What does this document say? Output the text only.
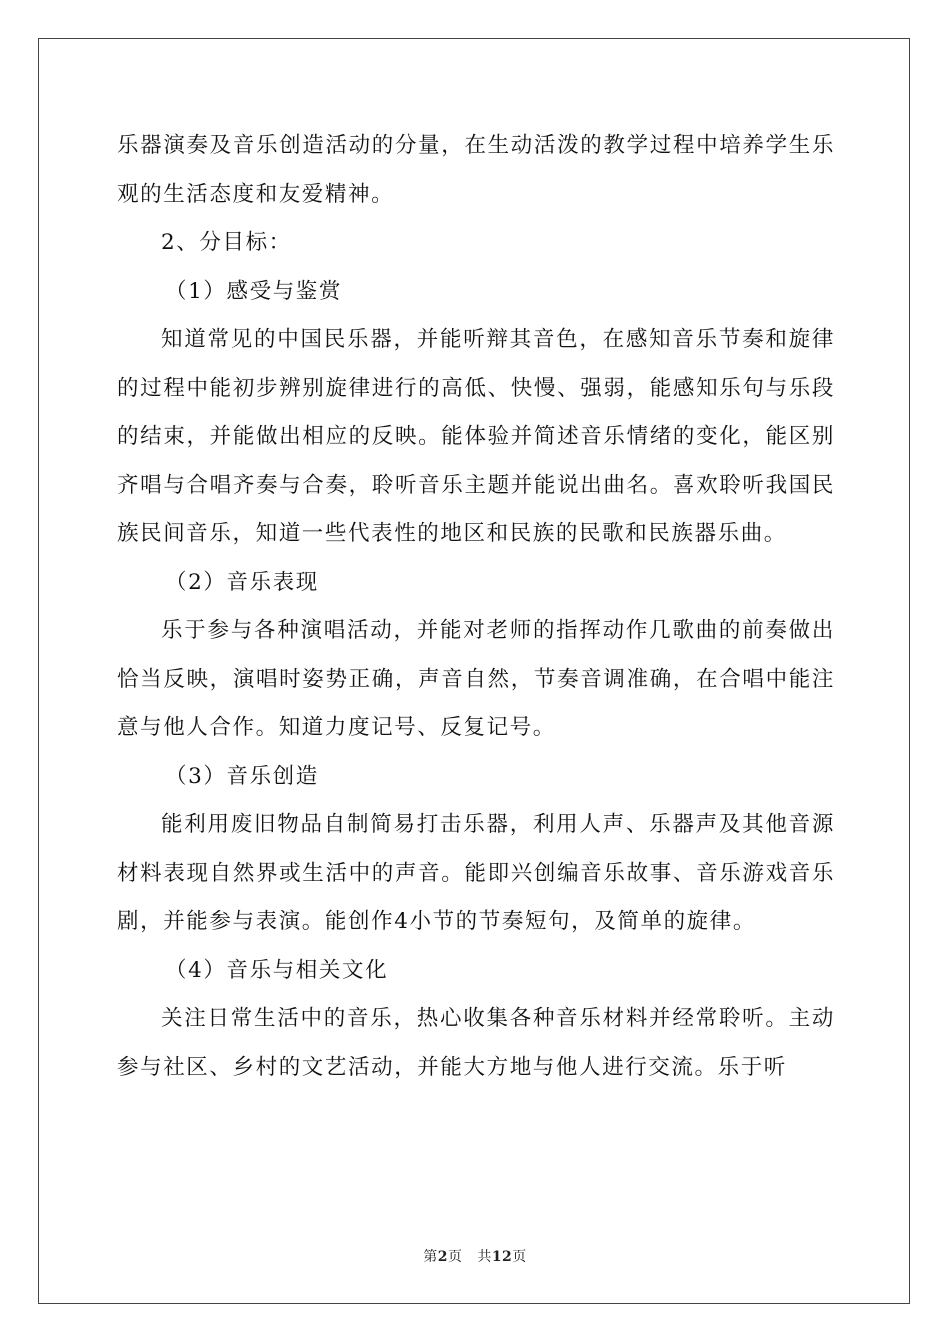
乐器演奏及音乐创造活动的分量，在生动活泼的教学过程中培养学生乐观的生活态度和友爱精神。

2、分目标：

（1）感受与鉴赏

知道常见的中国民乐器，并能听辩其音色，在感知音乐节奏和旋律的过程中能初步辨别旋律进行的高低、快慢、强弱，能感知乐句与乐段的结束，并能做出相应的反映。能体验并简述音乐情绪的变化，能区别齐唱与合唱齐奏与合奏，聆听音乐主题并能说出曲名。喜欢聆听我国民族民间音乐，知道一些代表性的地区和民族的民歌和民族器乐曲。

（2）音乐表现

乐于参与各种演唱活动，并能对老师的指挥动作几歌曲的前奏做出恰当反映，演唱时姿势正确，声音自然，节奏音调准确，在合唱中能注意与他人合作。知道力度记号、反复记号。

（3）音乐创造

能利用废旧物品自制简易打击乐器，利用人声、乐器声及其他音源材料表现自然界或生活中的声音。能即兴创编音乐故事、音乐游戏音乐剧，并能参与表演。能创作4小节的节奏短句，及简单的旋律。

（4）音乐与相关文化

关注日常生活中的音乐，热心收集各种音乐材料并经常聆听。主动参与社区、乡村的文艺活动，并能大方地与他人进行交流。乐于听

第2页 共12页
